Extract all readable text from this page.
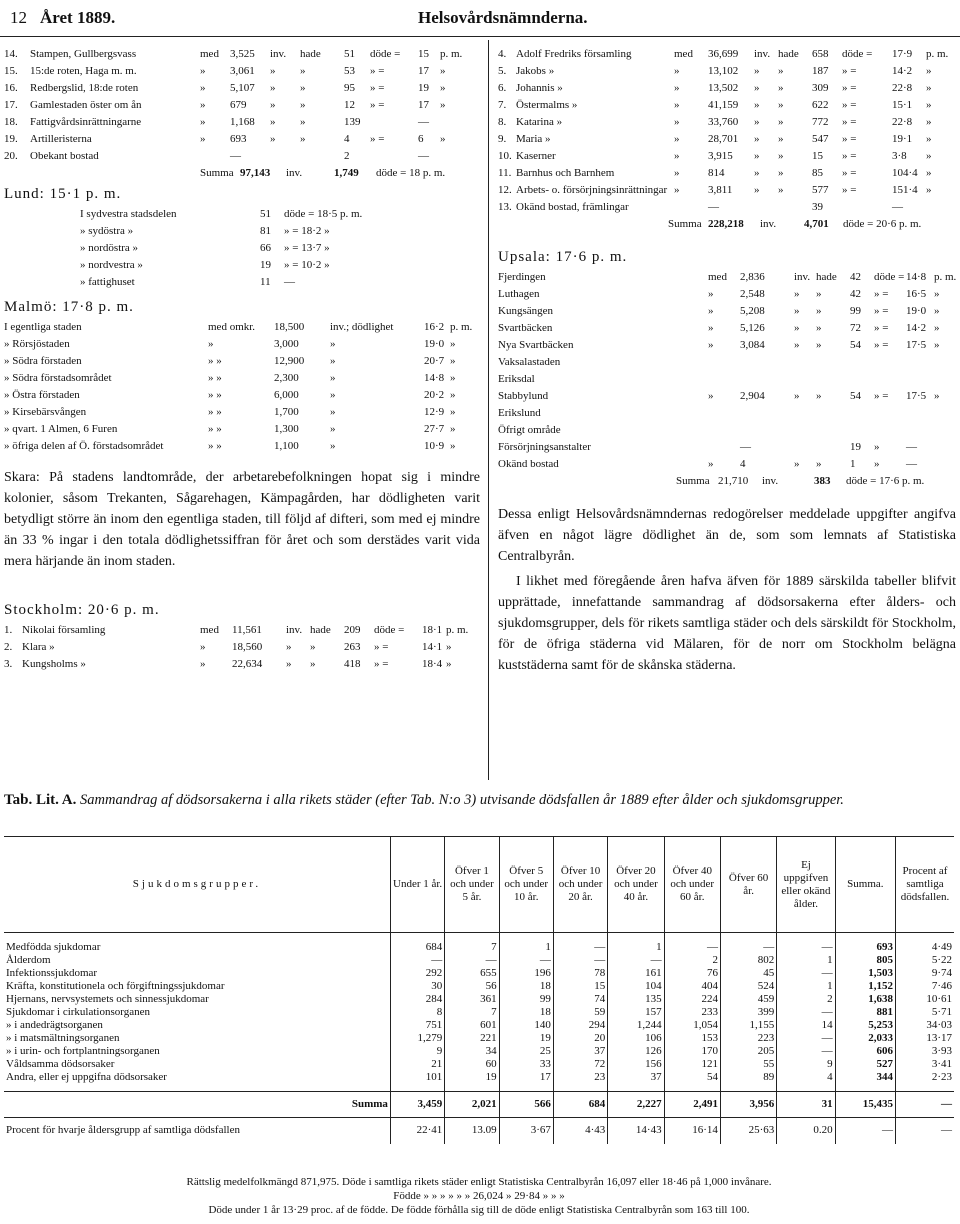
12 Året 1889.	Helsovårdsnämnderna.
14. Stampen, Gullbergsvass	med 3,525 inv. hade 51 döde = 15 p. m.
15. 15:de roten, Haga m. m.	» 3,061 » »	53 » =	17 »
16. Redbergslid, 18:de roten	» 5,107 » »	95 » =	19 »
17. Gamlestaden öster om ån	» 679 » »	12 » =	17 »
18. Fattigvårdsinrättningarne	» 1,168 » »	139	—
19. Artilleristerna	» 693 » »	4 » =	6 »
20. Obekant bostad	—	2	—
Summa 97,143 inv.	1,749 döde = 18 p. m.
Lund: 15·1 p. m.
I sydvestra stadsdelen	51 döde = 18·5 p. m.
» sydöstra »	81 » = 18·2 »
» nordöstra »	66 » = 13·7 »
» nordvestra »	19 » = 10·2 »
» fattighuset	11 —
Malmö: 17·8 p. m.
I egentliga staden	med omkr. 18,500 inv.; dödlighet	16·2 p. m.
» Rörsjöstaden	»	3,000	»	19·0 »
» Södra förstaden	» »	12,900 »	20·7 »
» Södra förstadsområdet	» »	2,300	»	14·8 »
» Östra förstaden	» »	6,000	»	20·2 »
» Kirsebärsvången	» »	1,700	»	12·9 »
» qvart. 1 Almen, 6 Furen	» »	1,300	»	27·7 »
» öfriga delen af Ö. förstadsområdet	» »	1,100	»	10·9 »
Skara: På stadens landtområde, der arbetarebefolkningen hopat sig i mindre kolonier, såsom Trekanten, Sågarehagen, Kämpagården, har dödligheten varit betydligt större än inom den egentliga staden, till följd af difteri, som med ej mindre än 33 % ingar i den totala dödlighetssiffran för året och som derstädes varit vida mera härjande än inom staden.
Stockholm: 20·6 p. m.
1. Nikolai församling	med 11,561 inv. hade 209 döde = 18·1 p. m.
2. Klara »	» 18,560 » »	263 » =	14·1 »
3. Kungsholms »	» 22,634 » »	418 » =	18·4 »
4. Adolf Fredriks församling	med 36,699 inv. hade 658 döde = 17·9 p. m.
5. Jakobs »	»	13,102 » »	187 » =	14·2 »
6. Johannis »	»	13,502 » »	309 » =	22·8 »
7. Östermalms »	»	41,159 » »	622 » =	15·1 »
8. Katarina »	»	33,760 » »	772 » =	22·8 »
9. Maria »	»	28,701 » »	547 » =	19·1 »
10. Kaserner	»	3,915 » »	15 » =	3·8 »
11. Barnhus och Barnhem	»	814	» »	85 » =	104·4 »
12. Arbets- o. försörjningsinrättningar »	3,811 » »	577 » =	151·4 »
13. Okänd bostad, främlingar	—	39	—
Summa 228,218 inv.	4,701 döde = 20·6 p. m.
Upsala: 17·6 p. m.
Fjerdingen	med 2,836	inv. hade 42 döde = 14·8 p. m.
Luthagen	» 2,548	» »	42 » = 16·5 »
Kungsängen	» 5,208	» »	99 » = 19·0 »
Svartbäcken	» 5,126	» »	72 » = 14·2 »
Nya Svartbäcken	» 3,084	» »	54 » = 17·5 »
Vaksalastaden
Eriksdal
Stabbylund	» 2,904	» »	54 » = 17·5 »
Erikslund
Öfrigt område
Försörjningsanstalter	—	19 » —
Okänd bostad	» 4	» »	1 » —
Summa 21,710 inv.	383 döde = 17·6 p. m.
Dessa enligt Helsovårdsnämndernas redogörelser meddelade uppgifter angifva äfven en något lägre dödlighet än de, som som lemnats af Statistiska Centralbyrån.
I likhet med föregående åren hafva äfven för 1889 särskilda tabeller blifvit upprättade, innefattande sammandrag af dödsorsakerna efter ålders- och sjukdomsgrupper, dels för rikets samtliga städer och dels särskildt för Stockholm, för de öfriga städerna vid Mälaren, för de norr om Stockholm belägna kuststäderna samt för de skånska städerna.
Tab. Lit. A. Sammandrag af dödsorsakerna i alla rikets städer (efter Tab. N:o 3) utvisande dödsfallen år 1889 efter ålder och sjukdomsgrupper.
Sjukdomsgrupper.	Under 1 år.	Öfver 1 och under 5 år.	Öfver 5 och under 10 år.	Öfver 10 och under 20 år.	Öfver 20 och under 40 år.	Öfver 40 och under 60 år.	Öfver 60 år.	Ej uppgifven eller okänd ålder.	Summa.	Procent af samtliga dödsfallen.

Medfödda sjukdomar	684	7	1	—	1	—	—	—	693	4·49
Ålderdom	—	—	—	—	—	2	802	1	805	5·22
Infektionssjukdomar	292	655	196	78	161	76	45	—	1,503	9·74
Kräfta, konstitutionela och förgiftningssjukdomar	30	56	18	15	104	404	524	1	1,152	7·46
Hjernans, nervsystemets och sinnessjukdomar	284	361	99	74	135	224	459	2	1,638	10·61
Sjukdomar i cirkulationsorganen	8	7	18	59	157	233	399	—	881	5·71
» i andedrägtsorganen	751	601	140	294	1,244	1,054	1,155	14	5,253	34·03
» i matsmältningsorganen	1,279	221	19	20	106	153	223	—	2,033	13·17
» i urin- och fortplantningsorganen	9	34	25	37	126	170	205	—	606	3·93
Våldsamma dödsorsaker	21	60	33	72	156	121	55	9	527	3·41
Andra, eller ej uppgifna dödsorsaker	101	19	17	23	37	54	89	4	344	2·23

Summa	3,459	2,021	566	684	2,227	2,491	3,956	31	15,435	—
Procent för hvarje åldersgrupp af samtliga dödsfallen	22·41	13.09	3·67	4·43	14·43	16·14	25·63	0.20	—	—
Rättslig medelfolkmängd 871,975. Döde i samtliga rikets städer enligt Statistiska Centralbyrån 16,097 eller 18·46 på 1,000 invånare.
Födde » » » » » » 26,024 » 29·84 » » »
Döde under 1 år 13·29 proc. af de födde. De födde förhålla sig till de döde enligt Statistiska Centralbyrån som 163 till 100.
